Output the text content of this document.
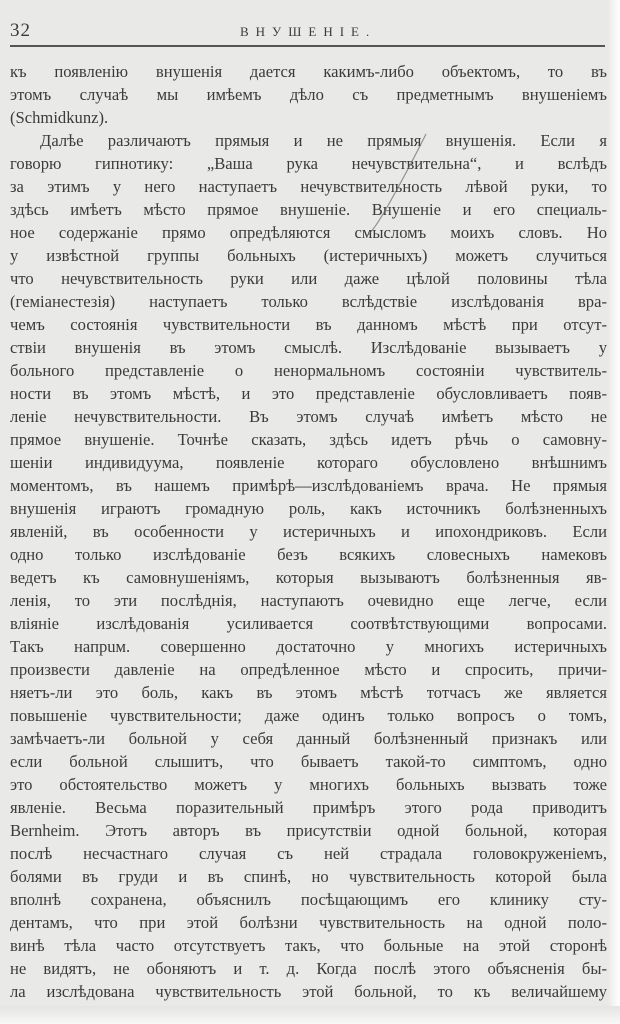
32	ВНУШЕНІЕ.
къ появленію внушенія дается какимъ-либо объектомъ, то въ
этомъ случаѣ мы имѣемъ дѣло съ предметнымъ внушеніемъ
(Schmidkunz).
Далѣе различаютъ прямыя и не прямыя внушенія. Если я
говорю гипнотику: „Ваша рука нечувствительна“, и вслѣдъ
за этимъ у него наступаетъ нечувствительность лѣвой руки, то
здѣсь имѣетъ мѣсто прямое внушеніе. Внушеніе и его специаль-
ное содержаніе прямо опредѣляются смысломъ моихъ словъ. Но
у извѣстной группы больныхъ (истеричныхъ) можетъ случиться
что нечувствительность руки или даже цѣлой половины тѣла
(геміанестезія) наступаетъ только вслѣдствіе изслѣдованія вра-
чемъ состоянія чувствительности въ данномъ мѣстѣ при отсут-
ствіи внушенія въ этомъ смыслѣ. Изслѣдованіе вызываетъ у
больного представленіе о ненормальномъ состояніи чувствитель-
ности въ этомъ мѣстѣ, и это представленіе обусловливаетъ появ-
леніе нечувствительности. Въ этомъ случаѣ имѣетъ мѣсто не
прямое внушеніе. Точнѣе сказать, здѣсь идетъ рѣчь о самовну-
шеніи индивидуума, появленіе котораго обусловлено внѣшнимъ
моментомъ, въ нашемъ примѣрѣ—изслѣдованіемъ врача. Не прямыя
внушенія играютъ громадную роль, какъ источникъ болѣзненныхъ
явленій, въ особенности у истеричныхъ и ипохондриковъ. Если
одно только изслѣдованіе безъ всякихъ словесныхъ намековъ
ведетъ къ самовнушеніямъ, которыя вызываютъ болѣзненныя яв-
ленія, то эти послѣднія, наступаютъ очевидно еще легче, если
вліяніе изслѣдованія усиливается соотвѣтствующими вопросами.
Такъ напрuм. совершенно достаточно у многихъ истеричныхъ
произвести давленіе на опредѣленное мѣсто и спросить, причи-
няетъ-ли это боль, какъ въ этомъ мѣстѣ тотчасъ же является
повышеніе чувствительности; даже одинъ только вопросъ о томъ,
замѣчаетъ-ли больной у себя данный болѣзненный признакъ или
если больной слышитъ, что бываетъ такой-то симптомъ, одно
это обстоятельство можетъ у многихъ больныхъ вызвать тоже
явленіе. Весьма поразительный примѣръ этого рода приводитъ
Bernheim. Этотъ авторъ въ присутствіи одной больной, которая
послѣ несчастнаго случая съ ней страдала головокруженіемъ,
болями въ груди и въ спинѣ, но чувствительность которой была
вполнѣ сохранена, объяснилъ посѣщающимъ его клинику сту-
дентамъ, что при этой болѣзни чувствительность на одной поло-
винѣ тѣла часто отсутствуетъ такъ, что больные на этой сторонѣ
не видятъ, не обоняютъ и т. д. Когда послѣ этого объясненія бы-
ла изслѣдована чувствительность этой больной, то къ величайшему
